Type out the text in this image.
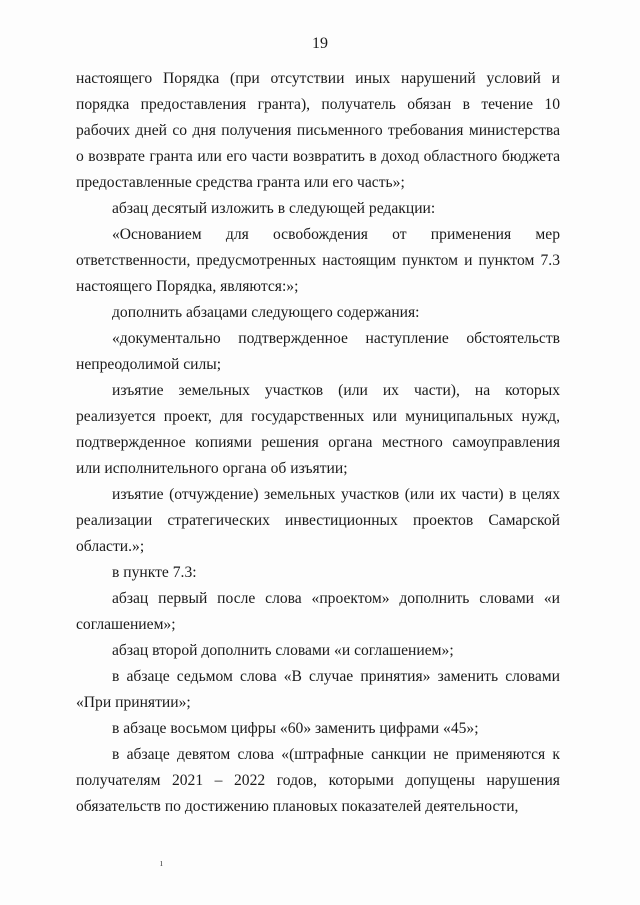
19

настоящего Порядка (при отсутствии иных нарушений условий и порядка предоставления гранта), получатель обязан в течение 10 рабочих дней со дня получения письменного требования министерства о возврате гранта или его части возвратить в доход областного бюджета предоставленные средства гранта или его часть»;

абзац десятый изложить в следующей редакции:

«Основанием для освобождения от применения мер ответственности, предусмотренных настоящим пунктом и пунктом 7.3 настоящего Порядка, являются:»;

дополнить абзацами следующего содержания:

«документально подтвержденное наступление обстоятельств непреодолимой силы;

изъятие земельных участков (или их части), на которых реализуется проект, для государственных или муниципальных нужд, подтвержденное копиями решения органа местного самоуправления или исполнительного органа об изъятии;

изъятие (отчуждение) земельных участков (или их части) в целях реализации стратегических инвестиционных проектов Самарской области.»;

в пункте 7.3:

абзац первый после слова «проектом» дополнить словами «и соглашением»;

абзац второй дополнить словами «и соглашением»;

в абзаце седьмом слова «В случае принятия» заменить словами «При принятии»;

в абзаце восьмом цифры «60» заменить цифрами «45»;

в абзаце девятом слова «(штрафные санкции не применяются к получателям 2021 – 2022 годов, которыми допущены нарушения обязательств по достижению плановых показателей деятельности,

ı
